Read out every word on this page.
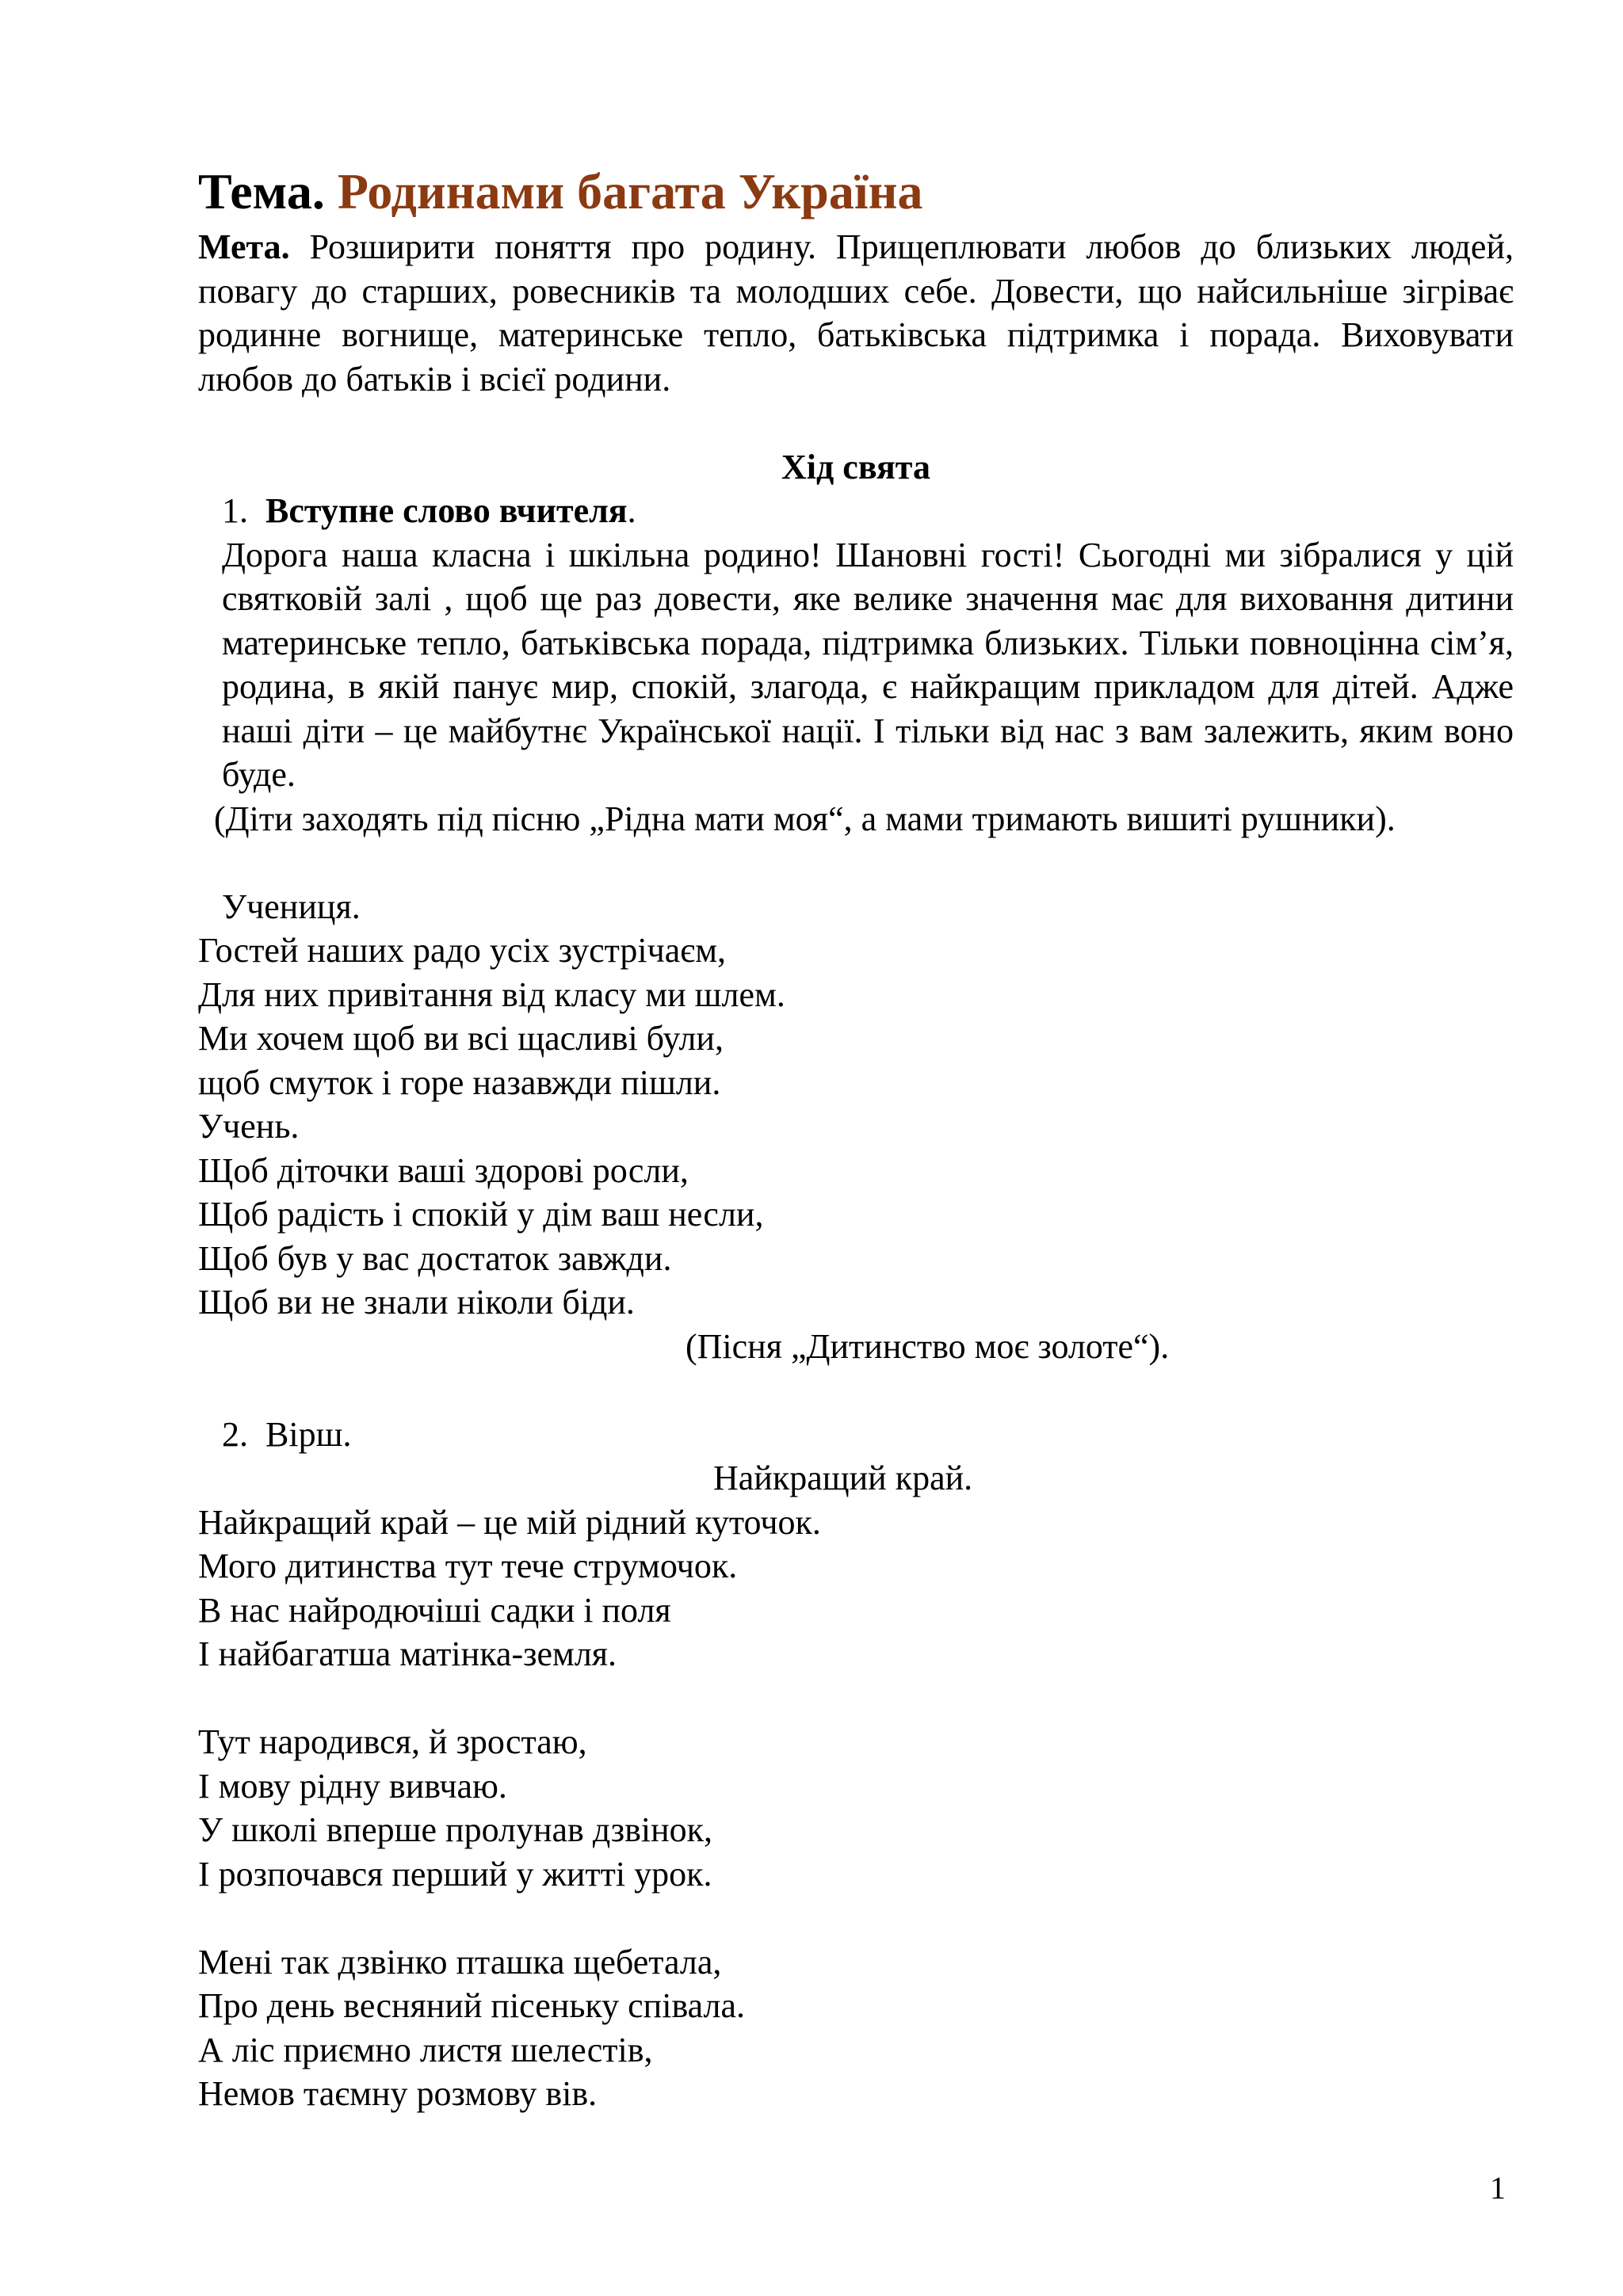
Тема. Родинами багата Україна
Мета. Розширити поняття про родину. Прищеплювати любов до близьких людей, повагу до старших, ровесників та молодших себе. Довести, що найсильніше зігріває родинне вогнище, материнське тепло, батьківська підтримка і порада. Виховувати любов до батьків і всієї родини.
Хід свята
1. Вступне слово вчителя.
Дорога наша класна і шкільна родино! Шановні гості! Сьогодні ми зібралися у цій святковій залі , щоб ще раз довести, яке велике значення має для виховання дитини материнське тепло, батьківська порада, підтримка близьких. Тільки повноцінна сім’я, родина, в якій панує мир, спокій, злагода, є найкращим прикладом для дітей. Адже наші діти – це майбутнє Української нації. І тільки від нас з вам залежить, яким воно буде.
(Діти заходять під пісню „Рідна мати моя“, а мами тримають вишиті рушники).
Учениця.
Гостей наших радо усіх зустрічаєм,
Для них привітання від класу ми шлем.
Ми хочем щоб ви всі щасливі були,
щоб смуток і горе назавжди пішли.
Учень.
Щоб діточки ваші здорові росли,
Щоб радість і спокій у дім ваш несли,
Щоб був у вас достаток завжди.
Щоб ви не знали ніколи біди.
(Пісня „Дитинство моє золоте“).
2. Вірш.
Найкращий край.
Найкращий край – це мій рідний куточок.
Мого дитинства тут тече струмочок.
В нас найродючіші садки і поля
І найбагатша матінка-земля.
Тут народився, й зростаю,
І мову рідну вивчаю.
У школі вперше пролунав дзвінок,
І розпочався перший у житті урок.
Мені так дзвінко пташка щебетала,
Про день весняний пісеньку співала.
А ліс приємно листя шелестів,
Немов таємну розмову вів.
1
